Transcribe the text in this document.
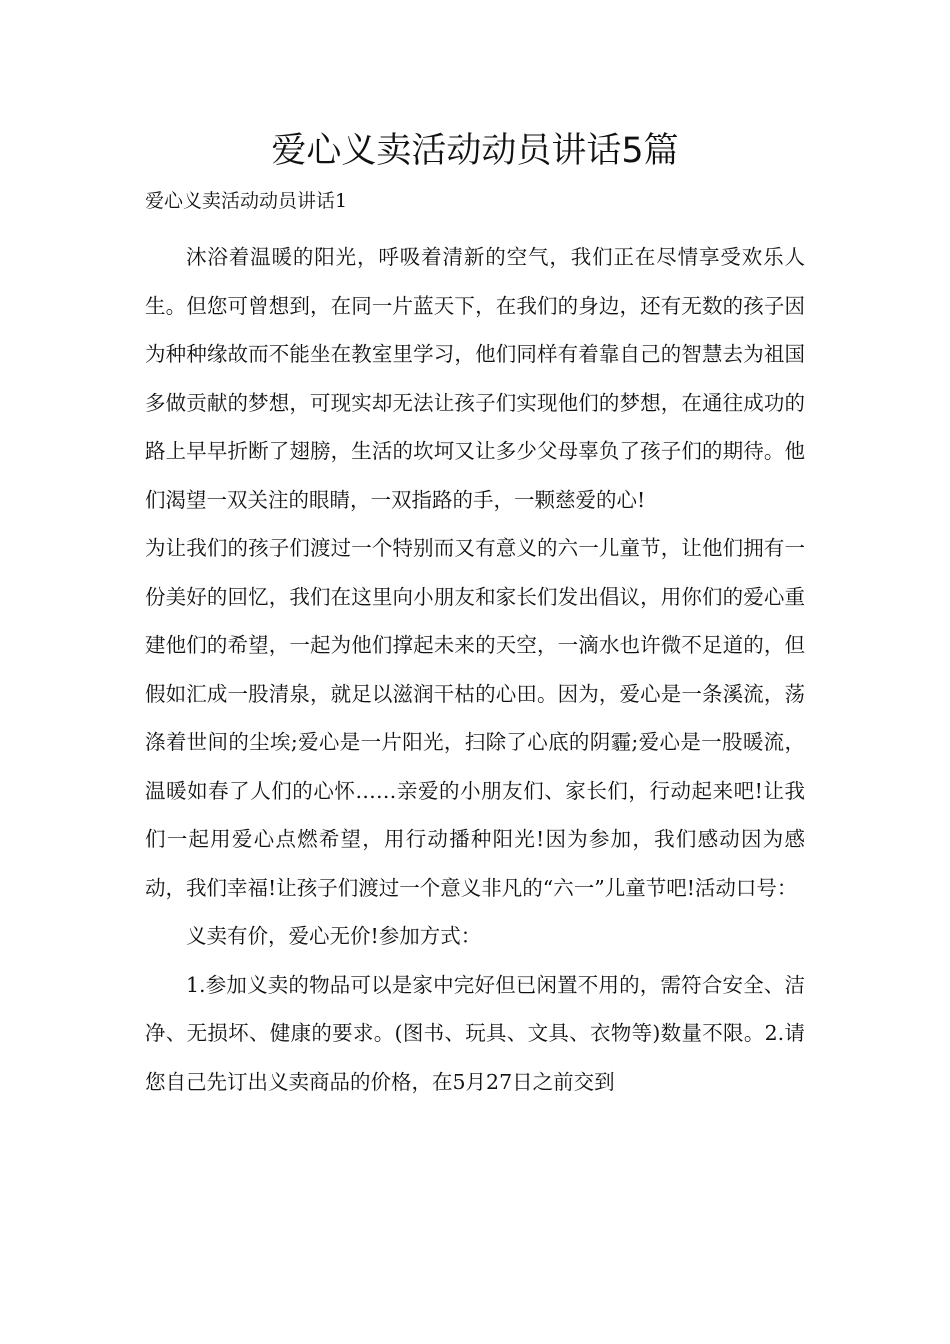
爱心义卖活动动员讲话5篇
爱心义卖活动动员讲话1

沐浴着温暖的阳光，呼吸着清新的空气，我们正在尽情享受欢乐人生。但您可曾想到，在同一片蓝天下，在我们的身边，还有无数的孩子因为种种缘故而不能坐在教室里学习，他们同样有着靠自己的智慧去为祖国多做贡献的梦想，可现实却无法让孩子们实现他们的梦想，在通往成功的路上早早折断了翅膀，生活的坎坷又让多少父母辜负了孩子们的期待。他们渴望一双关注的眼睛，一双指路的手，一颗慈爱的心!

为让我们的孩子们渡过一个特别而又有意义的六一儿童节，让他们拥有一份美好的回忆，我们在这里向小朋友和家长们发出倡议，用你们的爱心重建他们的希望，一起为他们撑起未来的天空，一滴水也许微不足道的，但假如汇成一股清泉，就足以滋润干枯的心田。因为，爱心是一条溪流，荡涤着世间的尘埃;爱心是一片阳光，扫除了心底的阴霾;爱心是一股暖流，温暖如春了人们的心怀……亲爱的小朋友们、家长们，行动起来吧!让我们一起用爱心点燃希望，用行动播种阳光!因为参加，我们感动因为感动，我们幸福!让孩子们渡过一个意义非凡的“六一”儿童节吧!活动口号：

义卖有价，爱心无价!参加方式：

1.参加义卖的物品可以是家中完好但已闲置不用的，需符合安全、洁净、无损坏、健康的要求。(图书、玩具、文具、衣物等)数量不限。2.请您自己先订出义卖商品的价格，在5月27日之前交到
